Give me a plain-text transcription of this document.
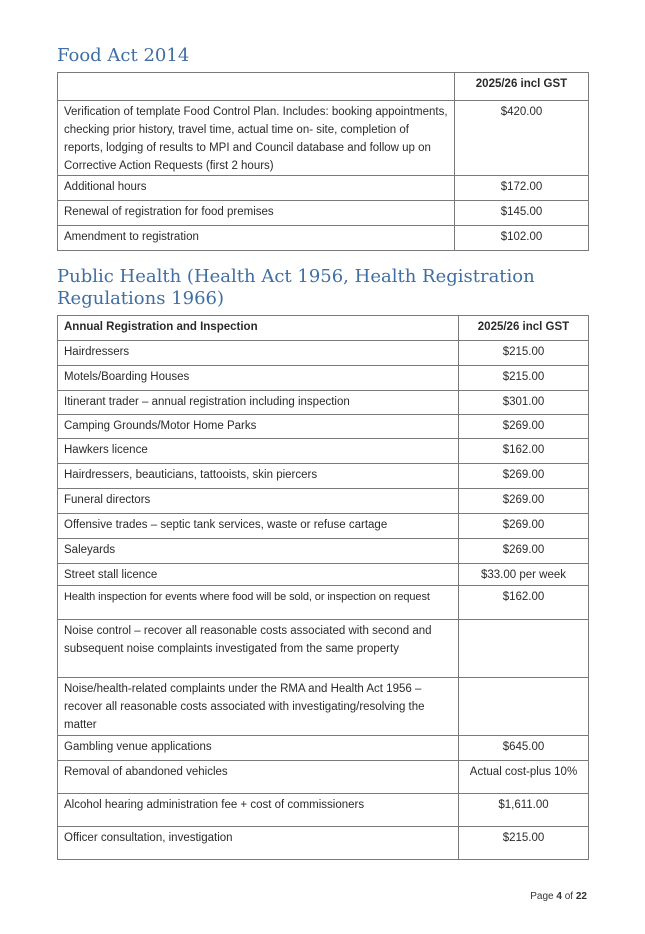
Food Act 2014
	2025/26 incl GST
Verification of template Food Control Plan. Includes: booking appointments, checking prior history, travel time, actual time on- site, completion of reports, lodging of results to MPI and Council database and follow up on Corrective Action Requests (first 2 hours)	$420.00
Additional hours	$172.00
Renewal of registration for food premises	$145.00
Amendment to registration	$102.00
Public Health (Health Act 1956, Health Registration Regulations 1966)
Annual Registration and Inspection	2025/26 incl GST
Hairdressers	$215.00
Motels/Boarding Houses	$215.00
Itinerant trader – annual registration including inspection	$301.00
Camping Grounds/Motor Home Parks	$269.00
Hawkers licence	$162.00
Hairdressers, beauticians, tattooists, skin piercers	$269.00
Funeral directors	$269.00
Offensive trades – septic tank services, waste or refuse cartage	$269.00
Saleyards	$269.00
Street stall licence	$33.00 per week
Health inspection for events where food will be sold, or inspection on request	$162.00
Noise control – recover all reasonable costs associated with second and subsequent noise complaints investigated from the same property	
Noise/health-related complaints under the RMA and Health Act 1956 – recover all reasonable costs associated with investigating/resolving the matter	
Gambling venue applications	$645.00
Removal of abandoned vehicles	Actual cost-plus 10%
Alcohol hearing administration fee + cost of commissioners	$1,611.00
Officer consultation, investigation	$215.00
Page 4 of 22
